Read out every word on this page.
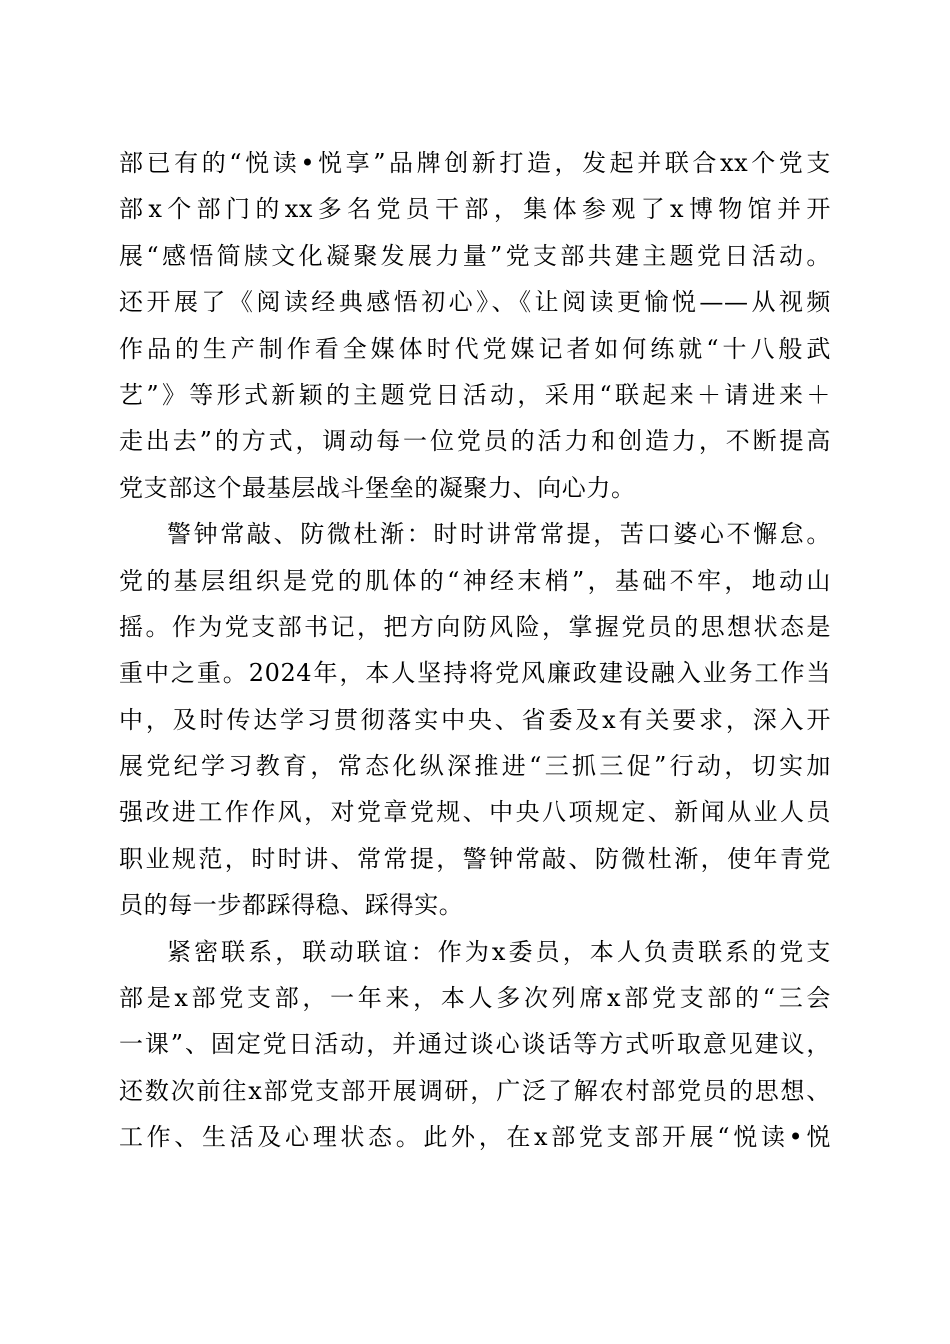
部已有的“悦读•悦享”品牌创新打造，发起并联合xx个党支
部x个部门的xx多名党员干部，集体参观了x博物馆并开
展“感悟简牍文化凝聚发展力量”党支部共建主题党日活动。
还开展了《阅读经典感悟初心》、《让阅读更愉悦——从视频
作品的生产制作看全媒体时代党媒记者如何练就“十八般武
艺”》等形式新颖的主题党日活动，采用“联起来＋请进来＋
走出去”的方式，调动每一位党员的活力和创造力，不断提高
党支部这个最基层战斗堡垒的凝聚力、向心力。
警钟常敲、防微杜渐：时时讲常常提，苦口婆心不懈怠。
党的基层组织是党的肌体的“神经末梢”，基础不牢，地动山
摇。作为党支部书记，把方向防风险，掌握党员的思想状态是
重中之重。2024年，本人坚持将党风廉政建设融入业务工作当
中，及时传达学习贯彻落实中央、省委及x有关要求，深入开
展党纪学习教育，常态化纵深推进“三抓三促”行动，切实加
强改进工作作风，对党章党规、中央八项规定、新闻从业人员
职业规范，时时讲、常常提，警钟常敲、防微杜渐，使年青党
员的每一步都踩得稳、踩得实。
紧密联系，联动联谊：作为x委员，本人负责联系的党支
部是x部党支部，一年来，本人多次列席x部党支部的“三会
一课”、固定党日活动，并通过谈心谈话等方式听取意见建议，
还数次前往x部党支部开展调研，广泛了解农村部党员的思想、
工作、生活及心理状态。此外，在x部党支部开展“悦读•悦
